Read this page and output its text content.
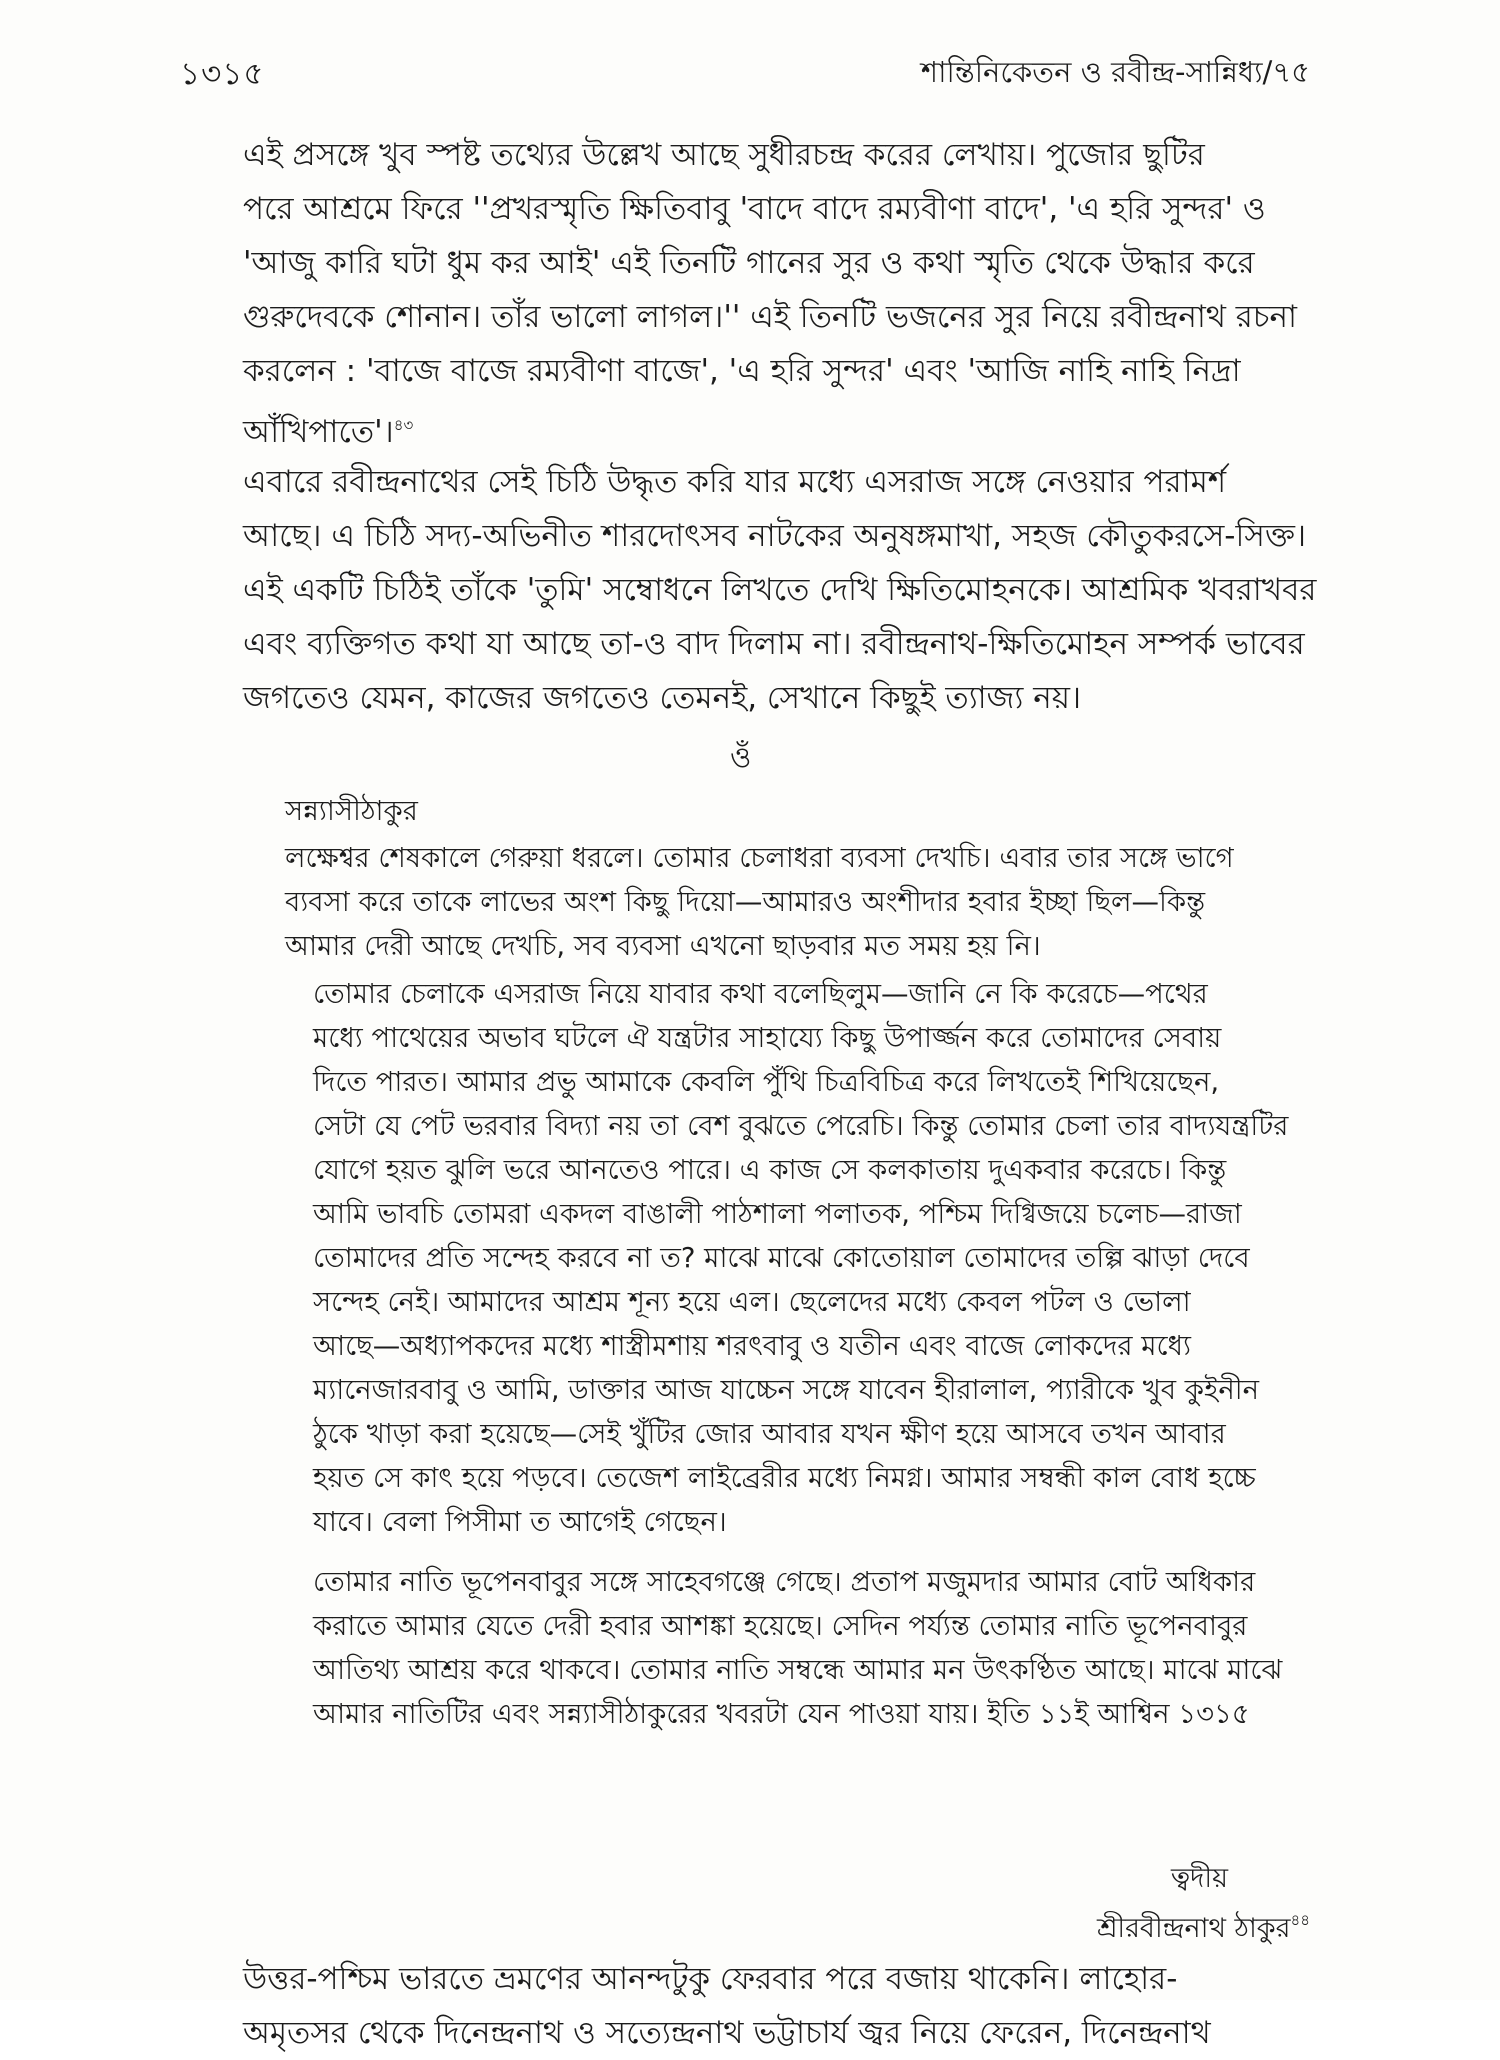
১৩১৫	শান্তিনিকেতন ও রবীন্দ্র-সান্নিধ্য/৭৫
এই প্রসঙ্গে খুব স্পষ্ট তথ্যের উল্লেখ আছে সুধীরচন্দ্র করের লেখায়। পুজোর ছুটির
পরে আশ্রমে ফিরে ''প্রখরস্মৃতি ক্ষিতিবাবু 'বাদে বাদে রম্যবীণা বাদে', 'এ হরি সুন্দর' ও
'আজু কারি ঘটা ধুম কর আই' এই তিনটি গানের সুর ও কথা স্মৃতি থেকে উদ্ধার করে
গুরুদেবকে শোনান। তাঁর ভালো লাগল।'' এই তিনটি ভজনের সুর নিয়ে রবীন্দ্রনাথ রচনা
করলেন : 'বাজে বাজে রম্যবীণা বাজে', 'এ হরি সুন্দর' এবং 'আজি নাহি নাহি নিদ্রা
আঁখিপাতে'।$^{৪৩}$
এবারে রবীন্দ্রনাথের সেই চিঠি উদ্ধৃত করি যার মধ্যে এসরাজ সঙ্গে নেওয়ার পরামর্শ
আছে। এ চিঠি সদ্য-অভিনীত শারদোৎসব নাটকের অনুষঙ্গমাখা, সহজ কৌতুকরসে-সিক্ত।
এই একটি চিঠিই তাঁকে 'তুমি' সম্বোধনে লিখতে দেখি ক্ষিতিমোহনকে। আশ্রমিক খবরাখবর
এবং ব্যক্তিগত কথা যা আছে তা-ও বাদ দিলাম না। রবীন্দ্রনাথ-ক্ষিতিমোহন সম্পর্ক ভাবের
জগতেও যেমন, কাজের জগতেও তেমনই, সেখানে কিছুই ত্যাজ্য নয়।
ওঁ
সন্ন্যাসীঠাকুর
লক্ষেশ্বর শেষকালে গেরুয়া ধরলে। তোমার চেলাধরা ব্যবসা দেখচি। এবার তার সঙ্গে ভাগে
ব্যবসা করে তাকে লাভের অংশ কিছু দিয়ো—আমারও অংশীদার হবার ইচ্ছা ছিল—কিন্তু
আমার দেরী আছে দেখচি, সব ব্যবসা এখনো ছাড়বার মত সময় হয় নি।
তোমার চেলাকে এসরাজ নিয়ে যাবার কথা বলেছিলুম—জানি নে কি করেচে—পথের
মধ্যে পাথেয়ের অভাব ঘটলে ঐ যন্ত্রটার সাহায্যে কিছু উপার্জ্জন করে তোমাদের সেবায়
দিতে পারত। আমার প্রভু আমাকে কেবলি পুঁথি চিত্রবিচিত্র করে লিখতেই শিখিয়েছেন,
সেটা যে পেট ভরবার বিদ্যা নয় তা বেশ বুঝতে পেরেচি। কিন্তু তোমার চেলা তার বাদ্যযন্ত্রটির
যোগে হয়ত ঝুলি ভরে আনতেও পারে। এ কাজ সে কলকাতায় দুএকবার করেচে। কিন্তু
আমি ভাবচি তোমরা একদল বাঙালী পাঠশালা পলাতক, পশ্চিম দিগ্বিজয়ে চলেচ—রাজা
তোমাদের প্রতি সন্দেহ করবে না ত? মাঝে মাঝে কোতোয়াল তোমাদের তল্পি ঝাড়া দেবে
সন্দেহ নেই। আমাদের আশ্রম শূন্য হয়ে এল। ছেলেদের মধ্যে কেবল পটল ও ভোলা
আছে—অধ্যাপকদের মধ্যে শাস্ত্রীমশায় শরৎবাবু ও যতীন এবং বাজে লোকদের মধ্যে
ম্যানেজারবাবু ও আমি, ডাক্তার আজ যাচ্চেন সঙ্গে যাবেন হীরালাল, প্যারীকে খুব কুইনীন
ঠুকে খাড়া করা হয়েছে—সেই খুঁটির জোর আবার যখন ক্ষীণ হয়ে আসবে তখন আবার
হয়ত সে কাৎ হয়ে পড়বে। তেজেশ লাইব্রেরীর মধ্যে নিমগ্ন। আমার সম্বন্ধী কাল বোধ হচ্চে
যাবে। বেলা পিসীমা ত আগেই গেছেন।
তোমার নাতি ভূপেনবাবুর সঙ্গে সাহেবগঞ্জে গেছে। প্রতাপ মজুমদার আমার বোট অধিকার
করাতে আমার যেতে দেরী হবার আশঙ্কা হয়েছে। সেদিন পর্য্যন্ত তোমার নাতি ভূপেনবাবুর
আতিথ্য আশ্রয় করে থাকবে। তোমার নাতি সম্বন্ধে আমার মন উৎকণ্ঠিত আছে। মাঝে মাঝে
আমার নাতিটির এবং সন্ন্যাসীঠাকুরের খবরটা যেন পাওয়া যায়। ইতি ১১ই আশ্বিন ১৩১৫
ত্বদীয়
শ্রীরবীন্দ্রনাথ ঠাকুর$^{৪৪}$
উত্তর-পশ্চিম ভারতে ভ্রমণের আনন্দটুকু ফেরবার পরে বজায় থাকেনি। লাহোর-
অমৃতসর থেকে দিনেন্দ্রনাথ ও সত্যেন্দ্রনাথ ভট্টাচার্য জ্বর নিয়ে ফেরেন, দিনেন্দ্রনাথ
